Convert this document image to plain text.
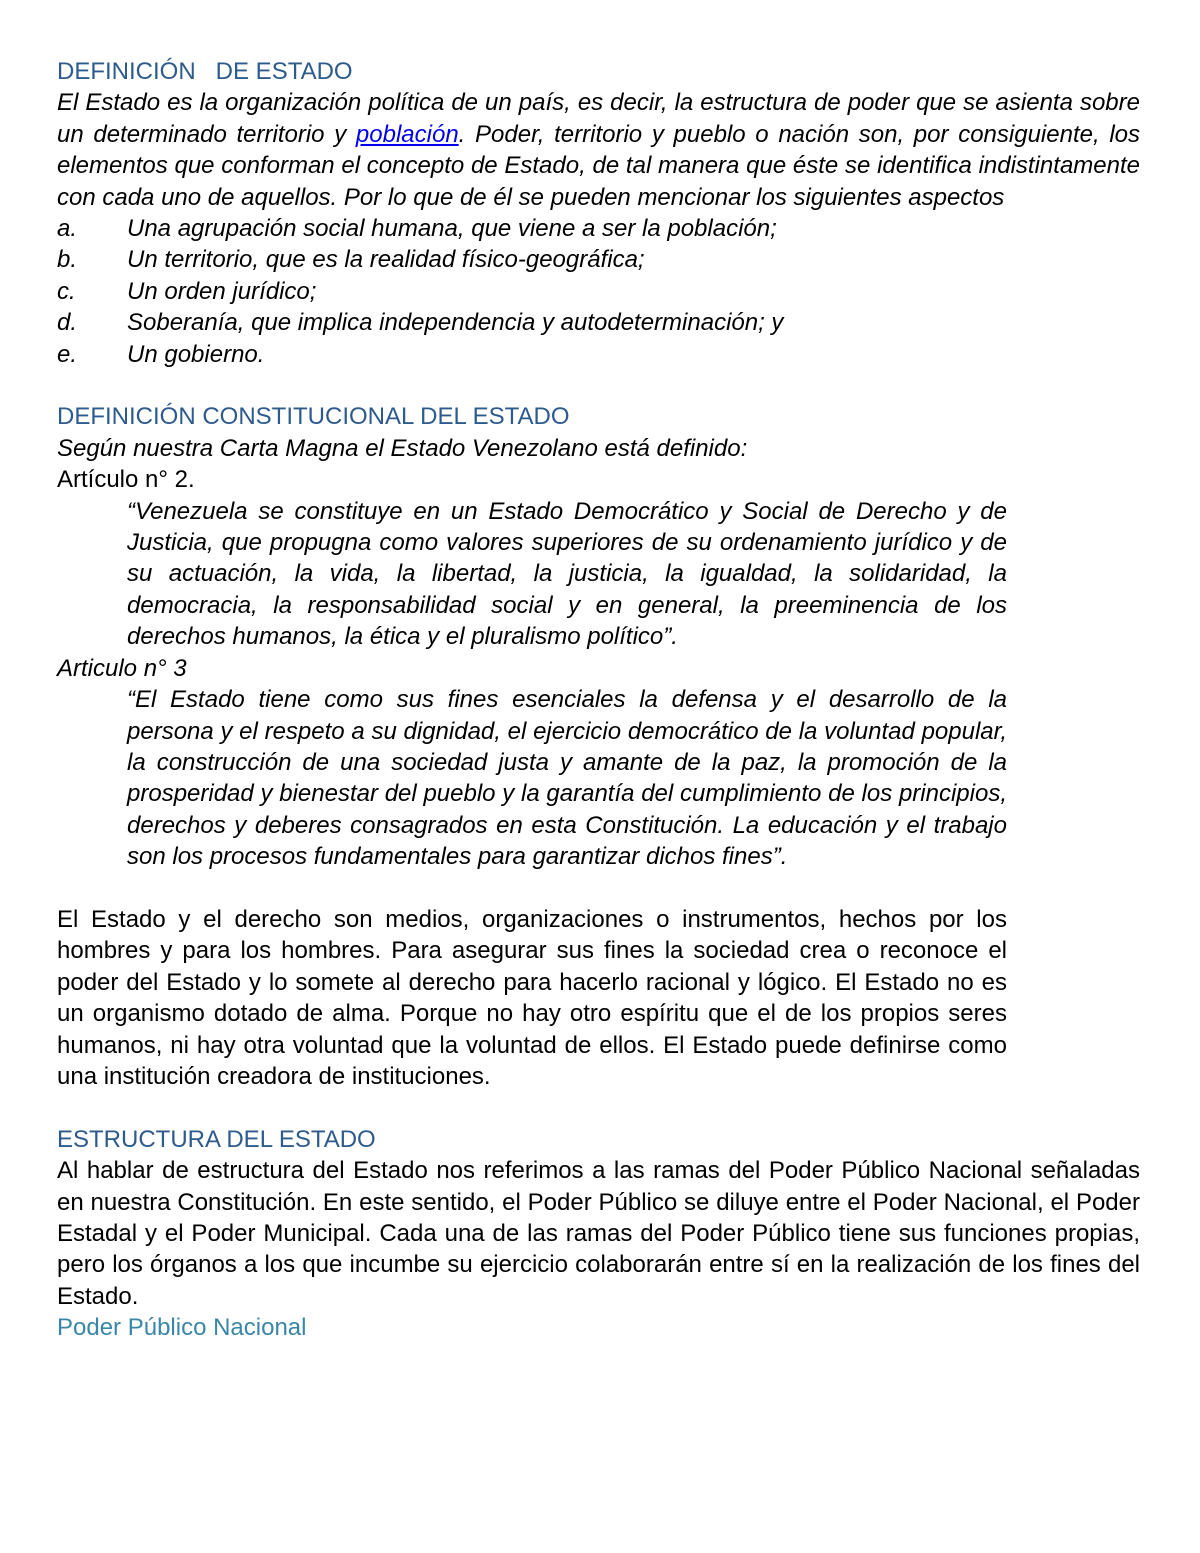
DEFINICIÓN   DE ESTADO

El Estado es la organización política de un país, es decir, la estructura de poder que se asienta sobre un determinado territorio y población. Poder, territorio y pueblo o nación son, por consiguiente, los elementos que conforman el concepto de Estado, de tal manera que éste se identifica indistintamente con cada uno de aquellos. Por lo que de él se pueden mencionar los siguientes aspectos

a.	Una agrupación social humana, que viene a ser la población;
b.	Un territorio, que es la realidad físico-geográfica;
c.	Un orden jurídico;
d.	Soberanía, que implica independencia y autodeterminación; y
e.	Un gobierno.

DEFINICIÓN CONSTITUCIONAL DEL ESTADO

Según nuestra Carta Magna el Estado Venezolano está definido:

Artículo n° 2.

“Venezuela se constituye en un Estado Democrático y Social de Derecho y de Justicia, que propugna como valores superiores de su ordenamiento jurídico y de su actuación, la vida, la libertad, la justicia, la igualdad, la solidaridad, la democracia, la responsabilidad social y en general, la preeminencia de los derechos humanos, la ética y el pluralismo político”.

Articulo n° 3

“El Estado tiene como sus fines esenciales la defensa y el desarrollo de la persona y el respeto a su dignidad, el ejercicio democrático de la voluntad popular, la construcción de una sociedad justa y amante de la paz, la promoción de la prosperidad y bienestar del pueblo y la garantía del cumplimiento de los principios, derechos y deberes consagrados en esta Constitución. La educación y el trabajo son los procesos fundamentales para garantizar dichos fines”.

El Estado y el derecho son medios, organizaciones o instrumentos, hechos por los hombres y para los hombres. Para asegurar sus fines la sociedad crea o reconoce el poder del Estado y lo somete al derecho para hacerlo racional y lógico. El Estado no es un organismo dotado de alma. Porque no hay otro espíritu que el de los propios seres humanos, ni hay otra voluntad que la voluntad de ellos. El Estado puede definirse como una institución creadora de instituciones.

ESTRUCTURA DEL ESTADO

Al hablar de estructura del Estado nos referimos a las ramas del Poder Público Nacional señaladas en nuestra Constitución. En este sentido, el Poder Público se diluye entre el Poder Nacional, el Poder Estadal y el Poder Municipal. Cada una de las ramas del Poder Público tiene sus funciones propias, pero los órganos a los que incumbe su ejercicio colaborarán entre sí en la realización de los fines del Estado.

Poder Público Nacional
